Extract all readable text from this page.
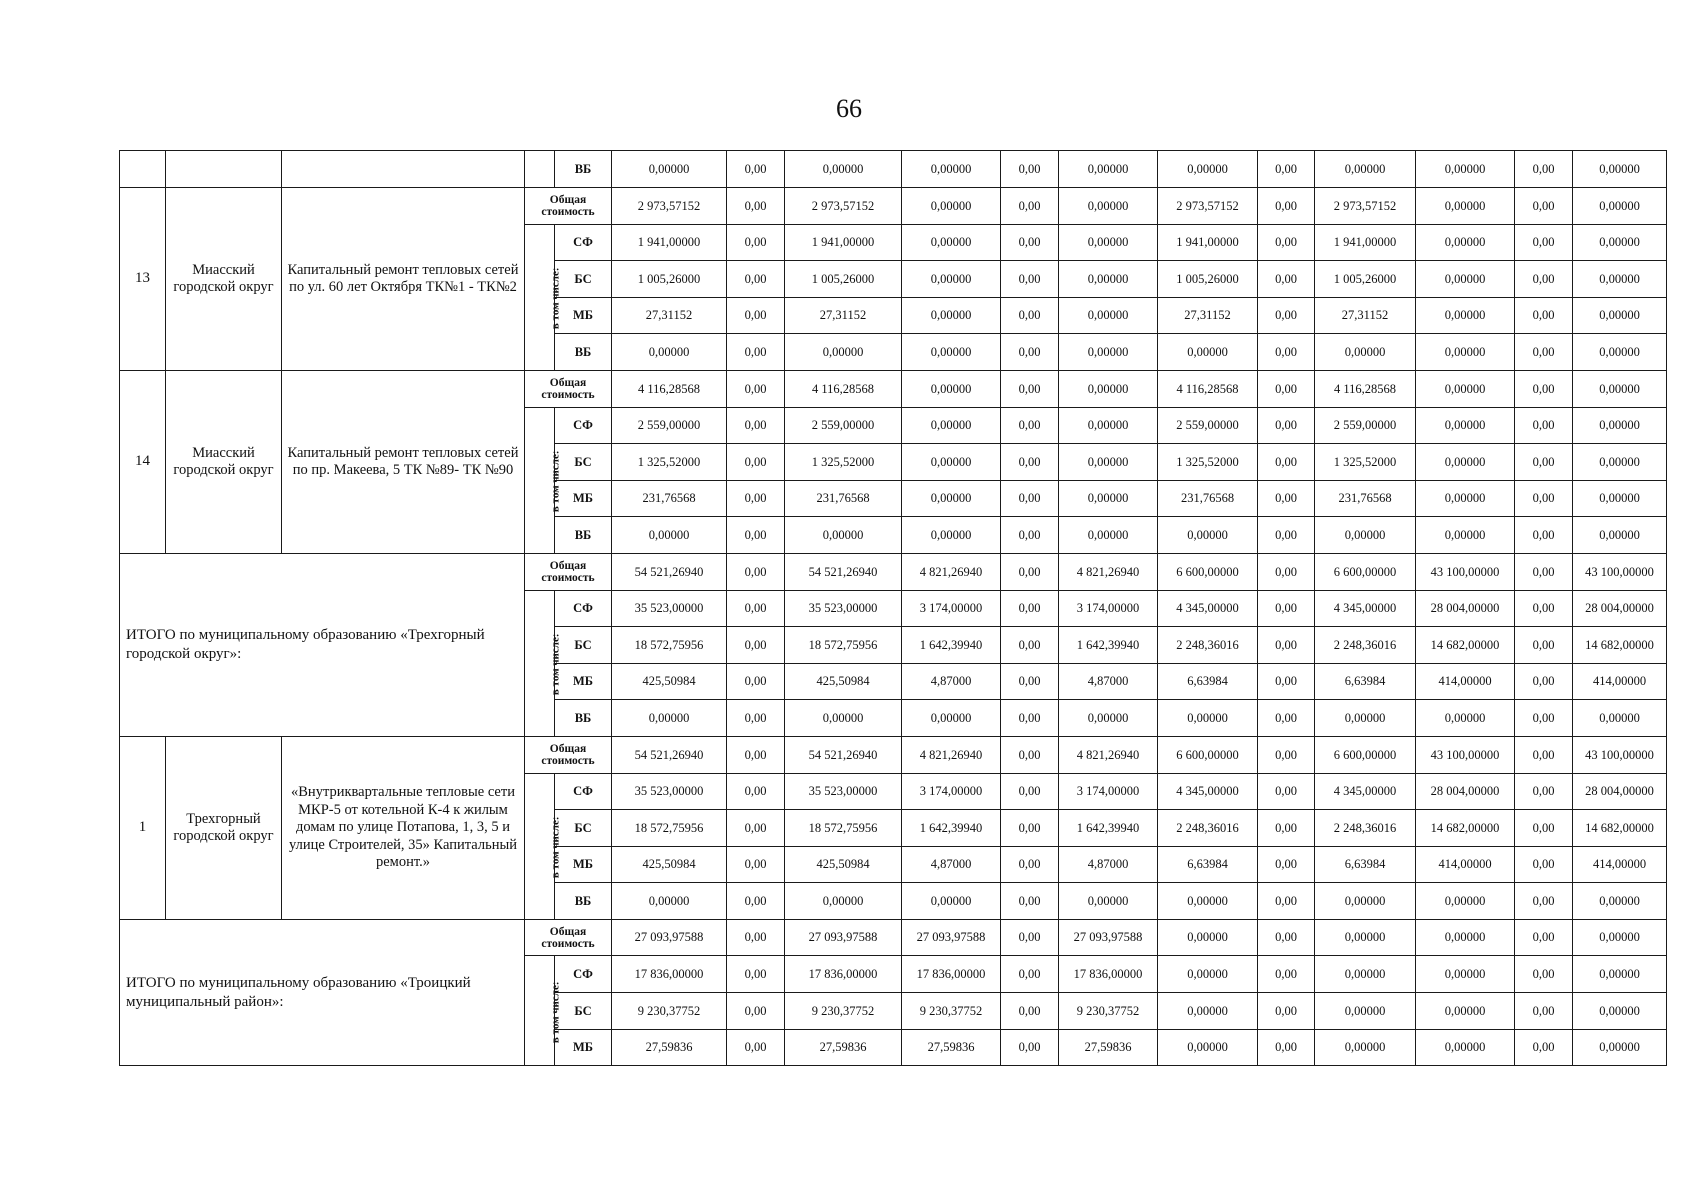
66
				ВБ	0,00000	0,00	0,00000	0,00000	0,00	0,00000	0,00000	0,00	0,00000	0,00000	0,00	0,00000
13	Миасский городской округ	Капитальный ремонт тепловых сетей по ул. 60 лет Октября ТК№1 - ТК№2	Общая
стоимость		2 973,57152	0,00	2 973,57152	0,00000	0,00	0,00000	2 973,57152	0,00	2 973,57152	0,00000	0,00	0,00000
			в том числе:	СФ	1 941,00000	0,00	1 941,00000	0,00000	0,00	0,00000	1 941,00000	0,00	1 941,00000	0,00000	0,00	0,00000
				БС	1 005,26000	0,00	1 005,26000	0,00000	0,00	0,00000	1 005,26000	0,00	1 005,26000	0,00000	0,00	0,00000
				МБ	27,31152	0,00	27,31152	0,00000	0,00	0,00000	27,31152	0,00	27,31152	0,00000	0,00	0,00000
				ВБ	0,00000	0,00	0,00000	0,00000	0,00	0,00000	0,00000	0,00	0,00000	0,00000	0,00	0,00000
14	Миасский городской округ	Капитальный ремонт тепловых сетей по пр. Макеева, 5 ТК №89- ТК №90	Общая
стоимость		4 116,28568	0,00	4 116,28568	0,00000	0,00	0,00000	4 116,28568	0,00	4 116,28568	0,00000	0,00	0,00000
			в том числе:	СФ	2 559,00000	0,00	2 559,00000	0,00000	0,00	0,00000	2 559,00000	0,00	2 559,00000	0,00000	0,00	0,00000
				БС	1 325,52000	0,00	1 325,52000	0,00000	0,00	0,00000	1 325,52000	0,00	1 325,52000	0,00000	0,00	0,00000
				МБ	231,76568	0,00	231,76568	0,00000	0,00	0,00000	231,76568	0,00	231,76568	0,00000	0,00	0,00000
				ВБ	0,00000	0,00	0,00000	0,00000	0,00	0,00000	0,00000	0,00	0,00000	0,00000	0,00	0,00000
ИТОГО по муниципальному образованию «Трехгорный городской округ»:			Общая
стоимость		54 521,26940	0,00	54 521,26940	4 821,26940	0,00	4 821,26940	6 600,00000	0,00	6 600,00000	43 100,00000	0,00	43 100,00000
			в том числе:	СФ	35 523,00000	0,00	35 523,00000	3 174,00000	0,00	3 174,00000	4 345,00000	0,00	4 345,00000	28 004,00000	0,00	28 004,00000
				БС	18 572,75956	0,00	18 572,75956	1 642,39940	0,00	1 642,39940	2 248,36016	0,00	2 248,36016	14 682,00000	0,00	14 682,00000
				МБ	425,50984	0,00	425,50984	4,87000	0,00	4,87000	6,63984	0,00	6,63984	414,00000	0,00	414,00000
				ВБ	0,00000	0,00	0,00000	0,00000	0,00	0,00000	0,00000	0,00	0,00000	0,00000	0,00	0,00000
1	Трехгорный городской округ	«Внутриквартальные тепловые сети МКР-5 от котельной К-4 к жилым домам по улице Потапова, 1, 3, 5 и улице Строителей, 35» Капитальный ремонт.»	Общая
стоимость		54 521,26940	0,00	54 521,26940	4 821,26940	0,00	4 821,26940	6 600,00000	0,00	6 600,00000	43 100,00000	0,00	43 100,00000
			в том числе:	СФ	35 523,00000	0,00	35 523,00000	3 174,00000	0,00	3 174,00000	4 345,00000	0,00	4 345,00000	28 004,00000	0,00	28 004,00000
				БС	18 572,75956	0,00	18 572,75956	1 642,39940	0,00	1 642,39940	2 248,36016	0,00	2 248,36016	14 682,00000	0,00	14 682,00000
				МБ	425,50984	0,00	425,50984	4,87000	0,00	4,87000	6,63984	0,00	6,63984	414,00000	0,00	414,00000
				ВБ	0,00000	0,00	0,00000	0,00000	0,00	0,00000	0,00000	0,00	0,00000	0,00000	0,00	0,00000
ИТОГО по муниципальному образованию «Троицкий муниципальный район»:			Общая
стоимость		27 093,97588	0,00	27 093,97588	27 093,97588	0,00	27 093,97588	0,00000	0,00	0,00000	0,00000	0,00	0,00000
			в том числе:	СФ	17 836,00000	0,00	17 836,00000	17 836,00000	0,00	17 836,00000	0,00000	0,00	0,00000	0,00000	0,00	0,00000
				БС	9 230,37752	0,00	9 230,37752	9 230,37752	0,00	9 230,37752	0,00000	0,00	0,00000	0,00000	0,00	0,00000
				МБ	27,59836	0,00	27,59836	27,59836	0,00	27,59836	0,00000	0,00	0,00000	0,00000	0,00	0,00000
